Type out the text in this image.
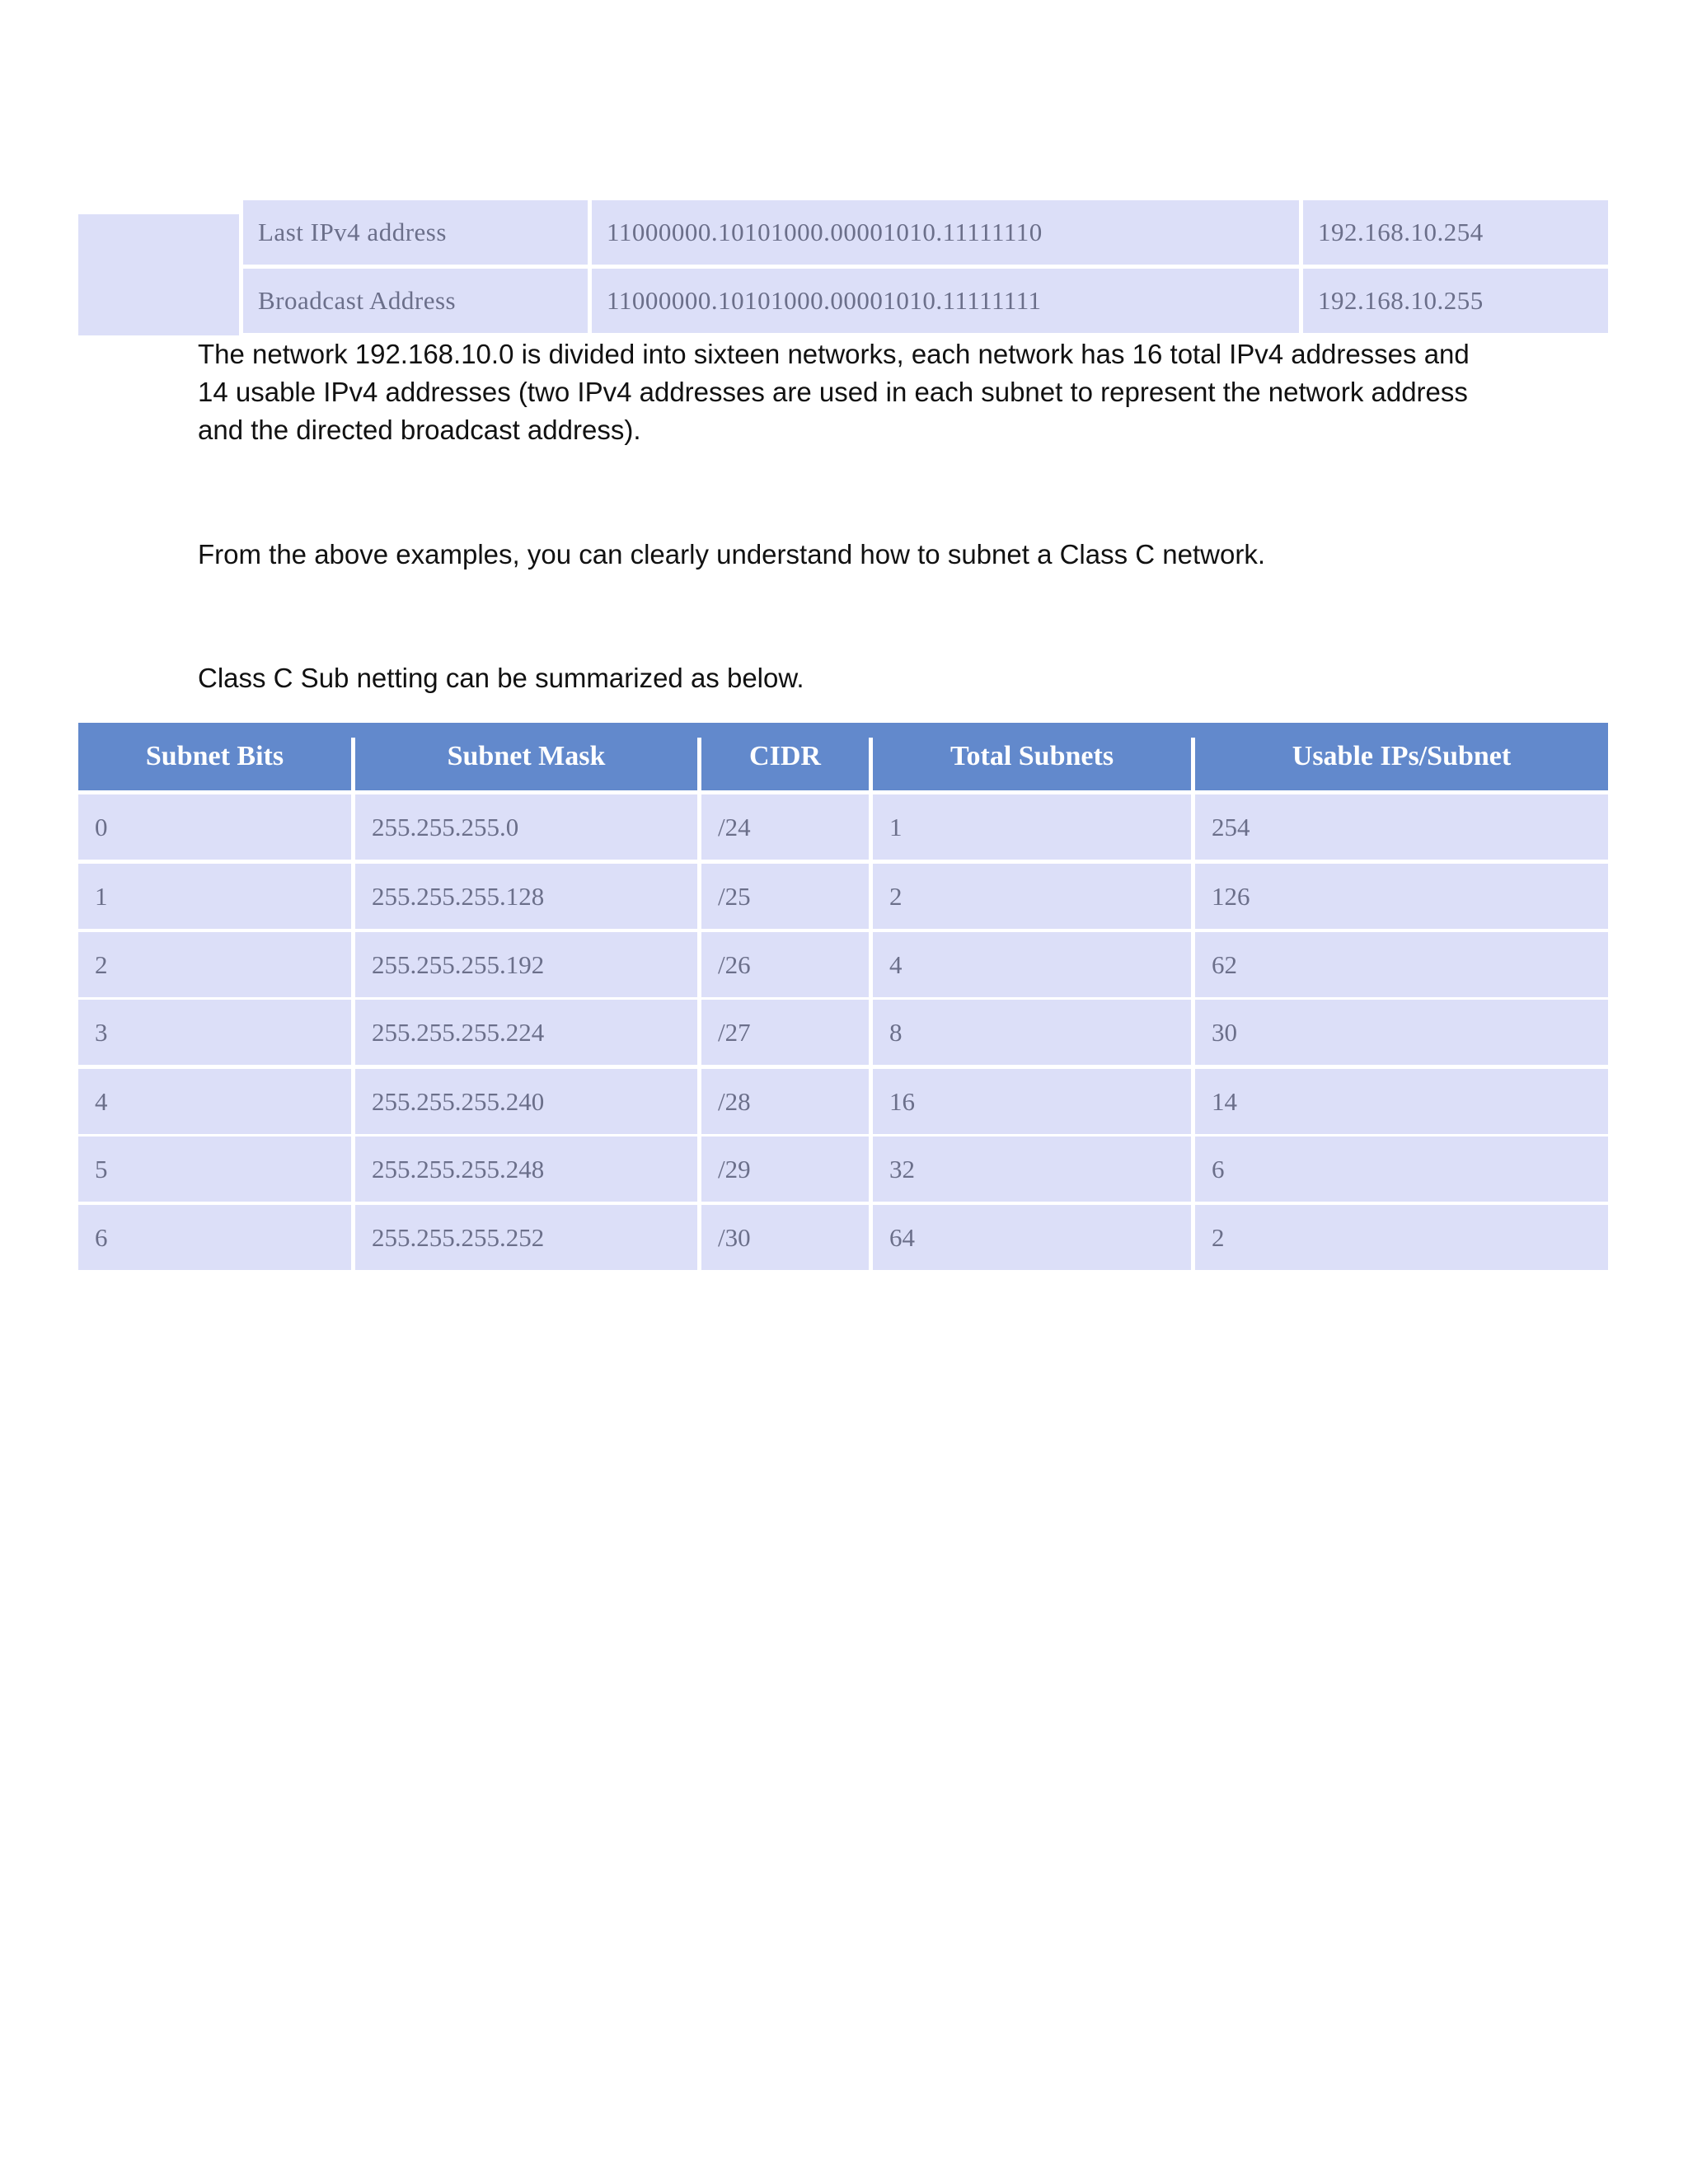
Last IPv4 address	11000000.10101000.00001010.11111110	192.168.10.254
Broadcast Address	11000000.10101000.00001010.11111111	192.168.10.255

The network 192.168.10.0 is divided into sixteen networks, each network has 16 total IPv4 addresses and 14 usable IPv4 addresses (two IPv4 addresses are used in each subnet to represent the network address and the directed broadcast address).

From the above examples, you can clearly understand how to subnet a Class C network.

Class C Sub netting can be summarized as below.

Subnet Bits	Subnet Mask	CIDR	Total Subnets	Usable IPs/Subnet
0	255.255.255.0	/24	1	254
1	255.255.255.128	/25	2	126
2	255.255.255.192	/26	4	62
3	255.255.255.224	/27	8	30
4	255.255.255.240	/28	16	14
5	255.255.255.248	/29	32	6
6	255.255.255.252	/30	64	2
